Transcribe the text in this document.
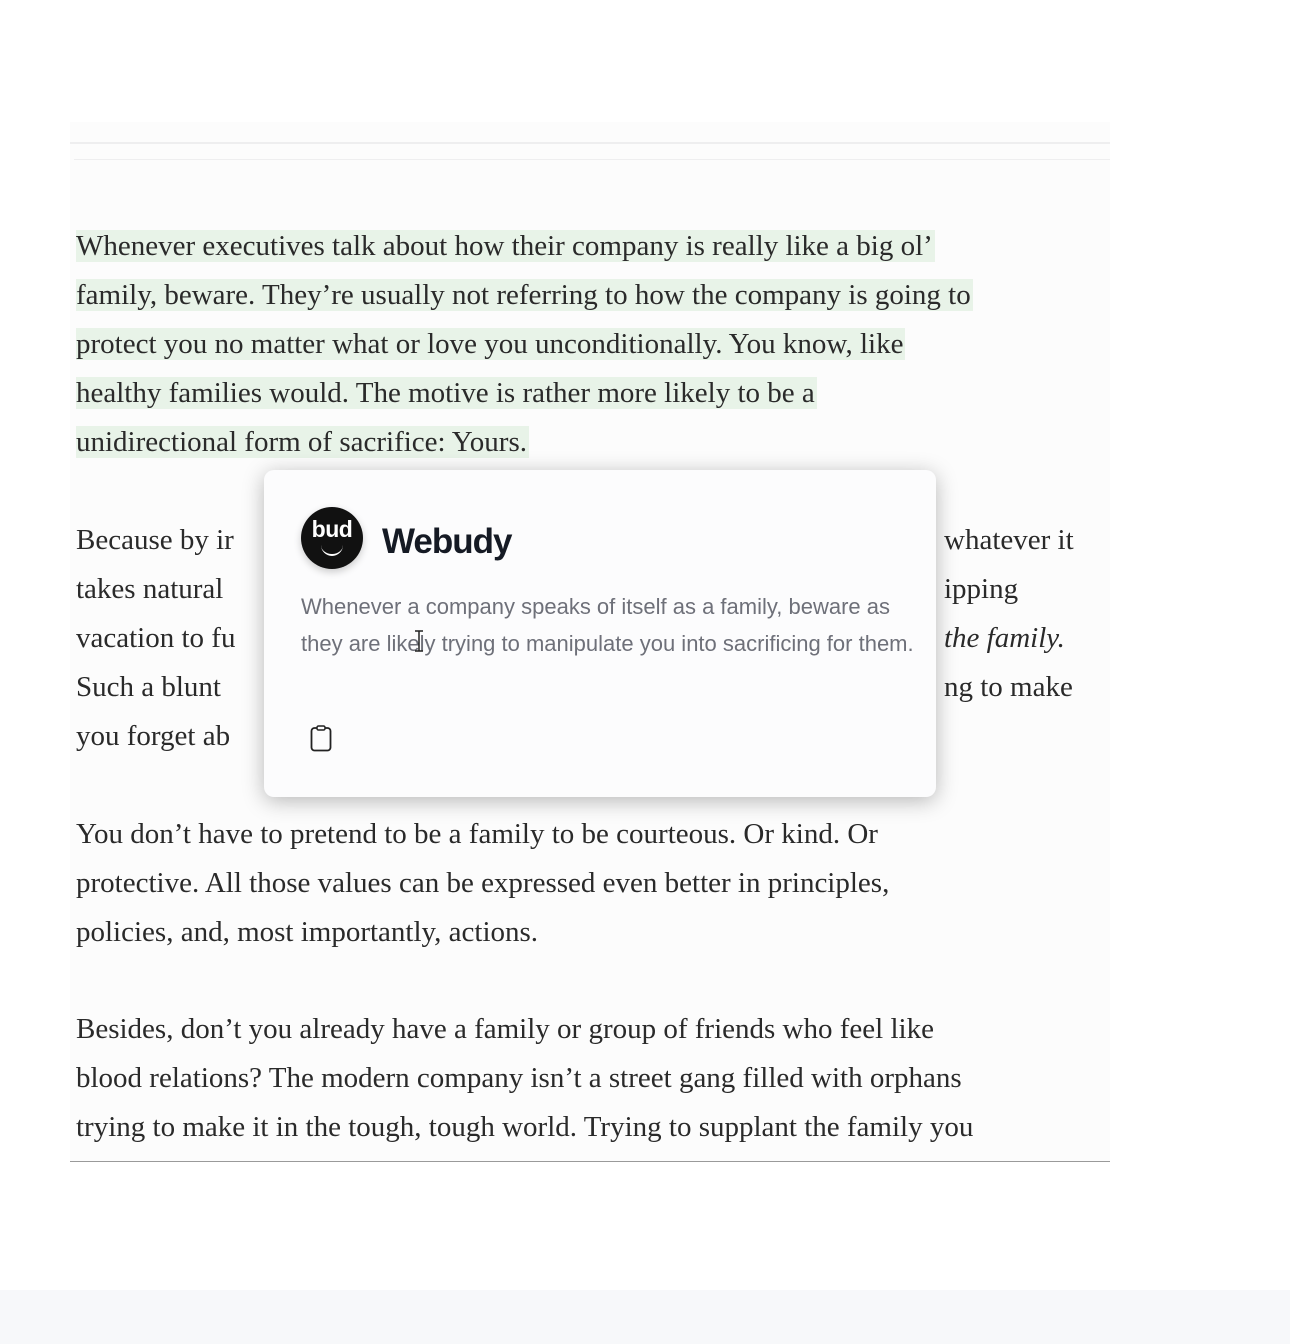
Whenever executives talk about how their company is really like a big ol’
family, beware. They’re usually not referring to how the company is going to
protect you no matter what or love you unconditionally. You know, like
healthy families would. The motive is rather more likely to be a
unidirectional form of sacrifice: Yours.
Because by ir
takes natural
vacation to fu
Such a blunt
you forget ab
whatever it
ipping
the family.
ng to make
You don’t have to pretend to be a family to be courteous. Or kind. Or
protective. All those values can be expressed even better in principles,
policies, and, most importantly, actions.
Besides, don’t you already have a family or group of friends who feel like
blood relations? The modern company isn’t a street gang filled with orphans
trying to make it in the tough, tough world. Trying to supplant the family you
bud Webudy
Whenever a company speaks of itself as a family, beware as they are likely trying to manipulate you into sacrificing for them.
